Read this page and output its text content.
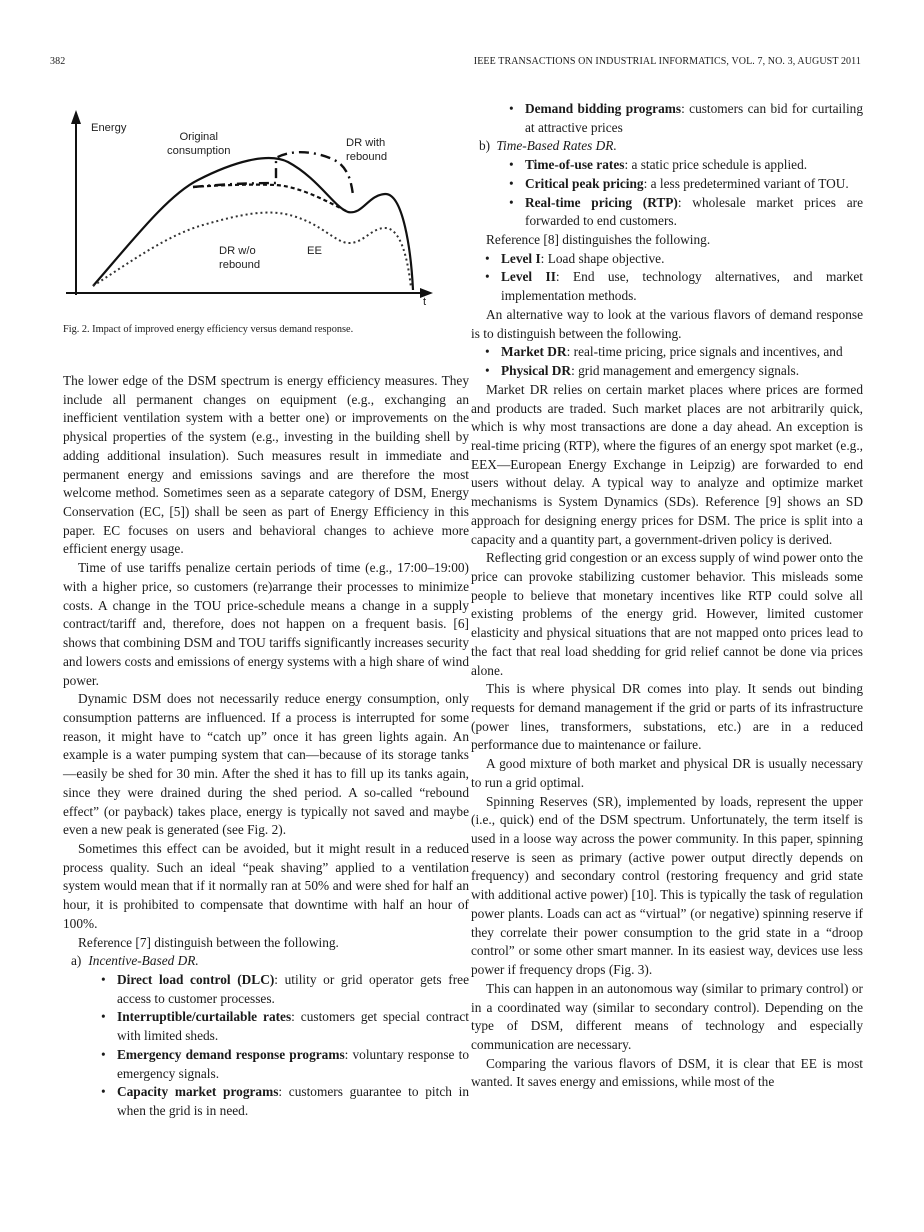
382	IEEE TRANSACTIONS ON INDUSTRIAL INFORMATICS, VOL. 7, NO. 3, AUGUST 2011
Energy
t
Original
consumption
DR with
rebound
DR w/o
rebound
EE
Fig. 2. Impact of improved energy efficiency versus demand response.

The lower edge of the DSM spectrum is energy efficiency measures. They include all permanent changes on equipment (e.g., exchanging an inefficient ventilation system with a better one) or improvements on the physical properties of the system (e.g., investing in the building shell by adding additional insulation). Such measures result in immediate and permanent energy and emissions savings and are therefore the most welcome method. Sometimes seen as a separate category of DSM, Energy Conservation (EC, [5]) shall be seen as part of Energy Efficiency in this paper. EC focuses on users and behavioral changes to achieve more efficient energy usage.

Time of use tariffs penalize certain periods of time (e.g., 17:00–19:00) with a higher price, so customers (re)arrange their processes to minimize costs. A change in the TOU price-schedule means a change in a supply contract/tariff and, therefore, does not happen on a frequent basis. [6] shows that combining DSM and TOU tariffs significantly increases security and lowers costs and emissions of energy systems with a high share of wind power.

Dynamic DSM does not necessarily reduce energy consumption, only consumption patterns are influenced. If a process is interrupted for some reason, it might have to “catch up” once it has green lights again. An example is a water pumping system that can—because of its storage tanks—easily be shed for 30 min. After the shed it has to fill up its tanks again, since they were drained during the shed period. A so-called “rebound effect” (or payback) takes place, energy is typically not saved and maybe even a new peak is generated (see Fig. 2).

Sometimes this effect can be avoided, but it might result in a reduced process quality. Such an ideal “peak shaving” applied to a ventilation system would mean that if it normally ran at 50% and were shed for half an hour, it is prohibited to compensate that downtime with half an hour of 100%.

Reference [7] distinguish between the following.

a) Incentive-Based DR.
• Direct load control (DLC): utility or grid operator gets free access to customer processes.
• Interruptible/curtailable rates: customers get special contract with limited sheds.
• Emergency demand response programs: voluntary response to emergency signals.
• Capacity market programs: customers guarantee to pitch in when the grid is in need.
• Demand bidding programs: customers can bid for curtailing at attractive prices
b) Time-Based Rates DR.
• Time-of-use rates: a static price schedule is applied.
• Critical peak pricing: a less predetermined variant of TOU.
• Real-time pricing (RTP): wholesale market prices are forwarded to end customers.

Reference [8] distinguishes the following.

• Level I: Load shape objective.
• Level II: End use, technology alternatives, and market implementation methods.

An alternative way to look at the various flavors of demand response is to distinguish between the following.

• Market DR: real-time pricing, price signals and incentives, and
• Physical DR: grid management and emergency signals.

Market DR relies on certain market places where prices are formed and products are traded. Such market places are not arbitrarily quick, which is why most transactions are done a day ahead. An exception is real-time pricing (RTP), where the figures of an energy spot market (e.g., EEX—European Energy Exchange in Leipzig) are forwarded to end users without delay. A typical way to analyze and optimize market mechanisms is System Dynamics (SDs). Reference [9] shows an SD approach for designing energy prices for DSM. The price is split into a capacity and a quantity part, a government-driven policy is derived.

Reflecting grid congestion or an excess supply of wind power onto the price can provoke stabilizing customer behavior. This misleads some people to believe that monetary incentives like RTP could solve all existing problems of the energy grid. However, limited customer elasticity and physical situations that are not mapped onto prices lead to the fact that real load shedding for grid relief cannot be done via prices alone.

This is where physical DR comes into play. It sends out binding requests for demand management if the grid or parts of its infrastructure (power lines, transformers, substations, etc.) are in a reduced performance due to maintenance or failure.

A good mixture of both market and physical DR is usually necessary to run a grid optimal.

Spinning Reserves (SR), implemented by loads, represent the upper (i.e., quick) end of the DSM spectrum. Unfortunately, the term itself is used in a loose way across the power community. In this paper, spinning reserve is seen as primary (active power output directly depends on frequency) and secondary control (restoring frequency and grid state with additional active power) [10]. This is typically the task of regulation power plants. Loads can act as “virtual” (or negative) spinning reserve if they correlate their power consumption to the grid state in a “droop control” or some other smart manner. In its easiest way, devices use less power if frequency drops (Fig. 3).

This can happen in an autonomous way (similar to primary control) or in a coordinated way (similar to secondary control). Depending on the type of DSM, different means of technology and especially communication are necessary.

Comparing the various flavors of DSM, it is clear that EE is most wanted. It saves energy and emissions, while most of the
